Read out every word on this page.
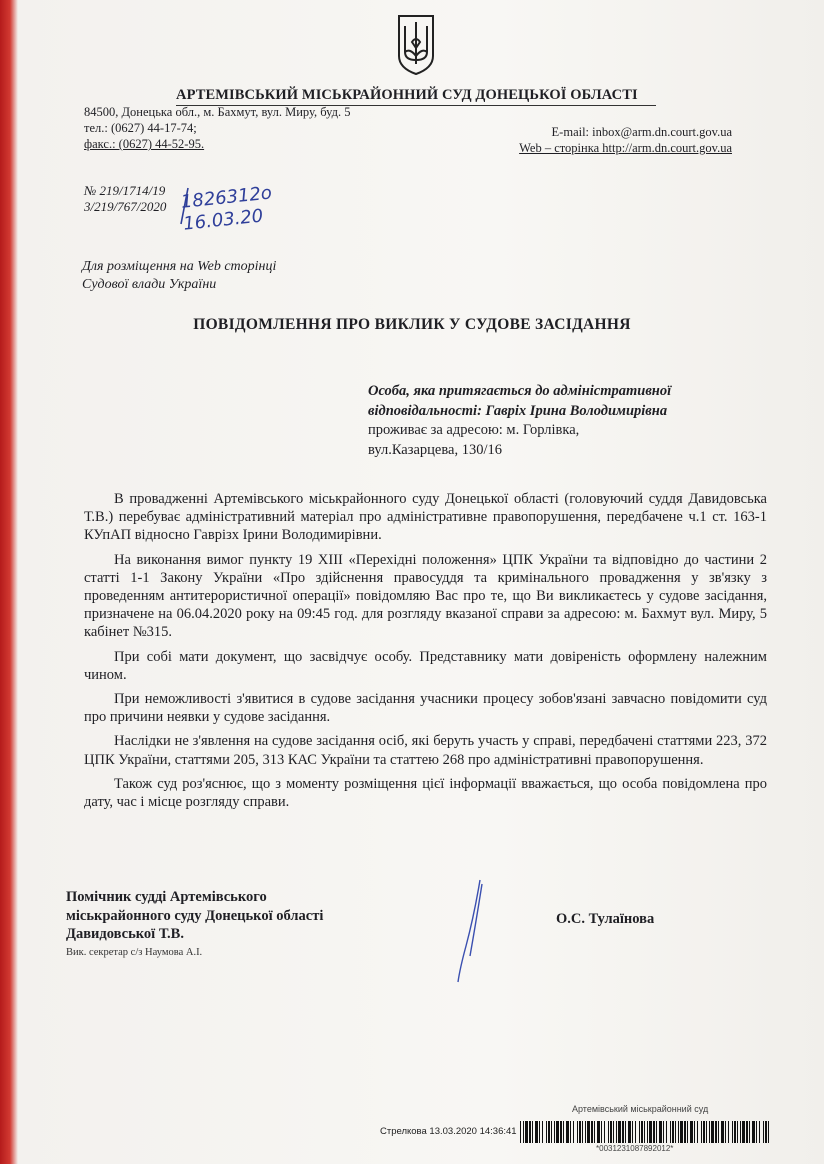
АРТЕМІВСЬКИЙ МІСЬКРАЙОННИЙ СУД ДОНЕЦЬКОЇ ОБЛАСТІ
84500, Донецька обл., м. Бахмут, вул. Миру, буд. 5
тел.: (0627) 44-17-74;
факс.: (0627) 44-52-95.
E-mail: inbox@arm.dn.court.gov.ua
Web – сторінка http://arm.dn.court.gov.ua
№ 219/1714/19
3/219/767/2020 1826312о
16.03.20
Для розміщення на Web сторінці
Судової влади України
ПОВІДОМЛЕННЯ ПРО ВИКЛИК У СУДОВЕ ЗАСІДАННЯ
Особа, яка притягається до адміністративної
відповідальності: Гавріх Ірина Володимирівна
проживає за адресою: м. Горлівка,
вул.Казарцева, 130/16

В провадженні Артемівського міськрайонного суду Донецької області (головуючий суддя Давидовська Т.В.) перебуває адміністративний матеріал про адміністративне правопорушення, передбачене ч.1 ст. 163-1 КУпАП відносно Гаврізх Ірини Володимирівни.

На виконання вимог пункту 19 ХІІІ «Перехідні положення» ЦПК України та відповідно до частини 2 статті 1-1 Закону України «Про здійснення правосуддя та кримінального провадження у зв'язку з проведенням антитерористичної операції» повідомляю Вас про те, що Ви викликаєтесь у судове засідання, призначене на 06.04.2020 року на 09:45 год. для розгляду вказаної справи за адресою: м. Бахмут вул. Миру, 5 кабінет №315.

При собі мати документ, що засвідчує особу. Представнику мати довіреність оформлену належним чином.

При неможливості з'явитися в судове засідання учасники процесу зобов'язані завчасно повідомити суд про причини неявки у судове засідання.

Наслідки не з'явлення на судове засідання осіб, які беруть участь у справі, передбачені статтями 223, 372 ЦПК України, статтями 205, 313 КАС України та статтею 268 про адміністративні правопорушення.

Також суд роз'яснює, що з моменту розміщення цієї інформації вважається, що особа повідомлена про дату, час і місце розгляду справи.

Помічник судді Артемівського
міськрайонного суду Донецької області
Давидовської Т.В.
Вик. секретар с/з Наумова А.І.
О.С. Тулаїнова
Артемівський міськрайонний суд
Стрелкова 13.03.2020 14:36:41
*0031231087892012*
